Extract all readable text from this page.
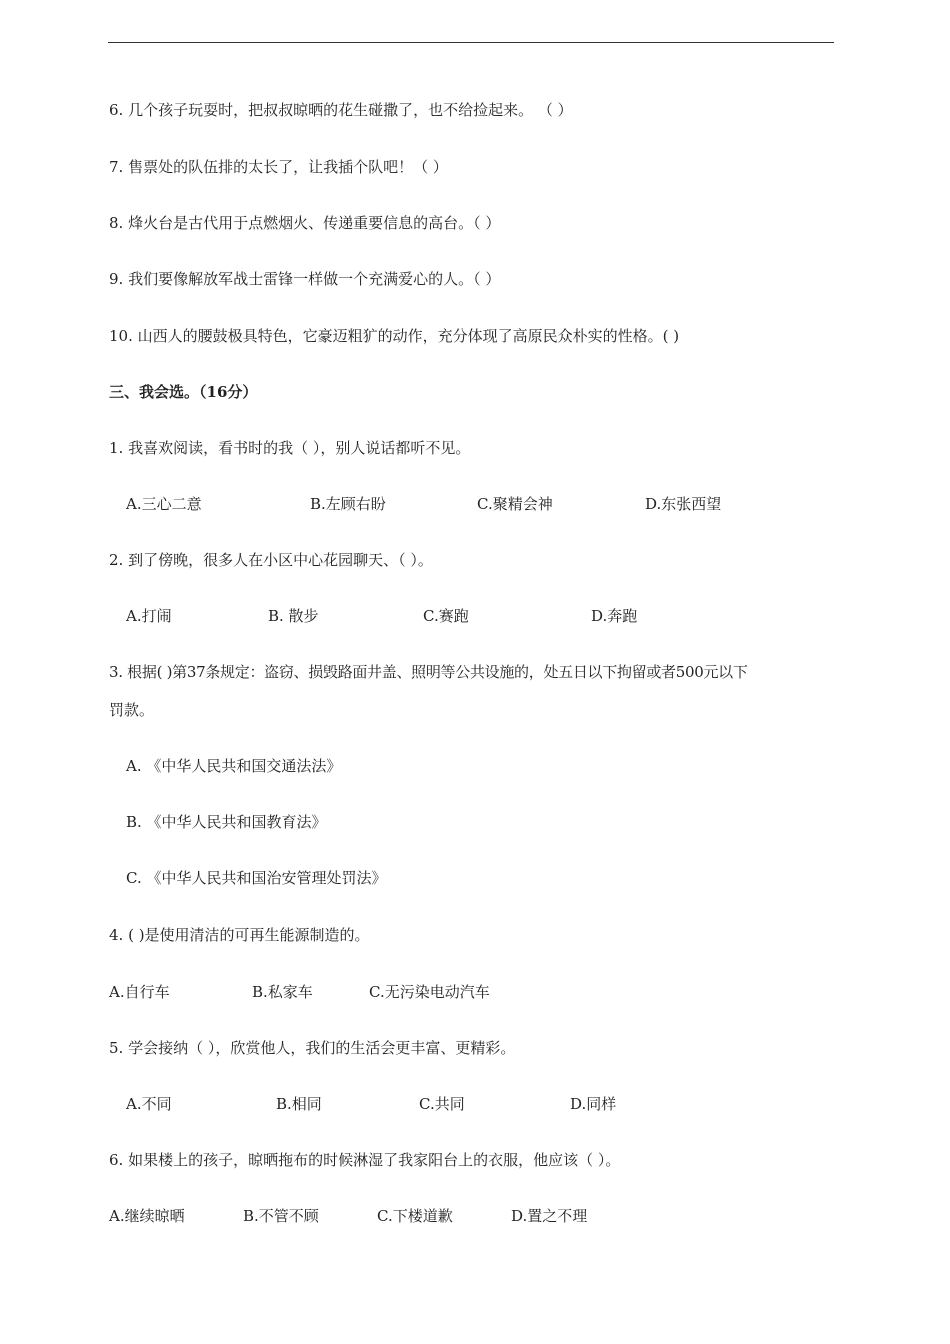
6. 几个孩子玩耍时，把叔叔晾晒的花生碰撒了，也不给捡起来。 （ ）
7. 售票处的队伍排的太长了，让我插个队吧！（ ）
8. 烽火台是古代用于点燃烟火、传递重要信息的高台。（ ）
9. 我们要像解放军战士雷锋一样做一个充满爱心的人。（ ）
10. 山西人的腰鼓极具特色，它豪迈粗犷的动作，充分体现了高原民众朴实的性格。( )
三、我会选。（16分）
1. 我喜欢阅读，看书时的我（ ），别人说话都听不见。
A.三心二意	B.左顾右盼	C.聚精会神	D.东张西望
2. 到了傍晚，很多人在小区中心花园聊天、（ ）。
A.打闹	B. 散步	C.赛跑	D.奔跑
3. 根据( )第37条规定：盗窃、损毁路面井盖、照明等公共设施的，处五日以下拘留或者500元以下
罚款。
A. 《中华人民共和国交通法法》
B. 《中华人民共和国教育法》
C. 《中华人民共和国治安管理处罚法》
4. ( )是使用清洁的可再生能源制造的。
A.自行车	B.私家车	C.无污染电动汽车
5. 学会接纳（ ），欣赏他人，我们的生活会更丰富、更精彩。
A.不同	B.相同	C.共同	D.同样
6. 如果楼上的孩子，晾晒拖布的时候淋湿了我家阳台上的衣服，他应该（ ）。
A.继续晾晒	B.不管不顾	C.下楼道歉	D.置之不理
